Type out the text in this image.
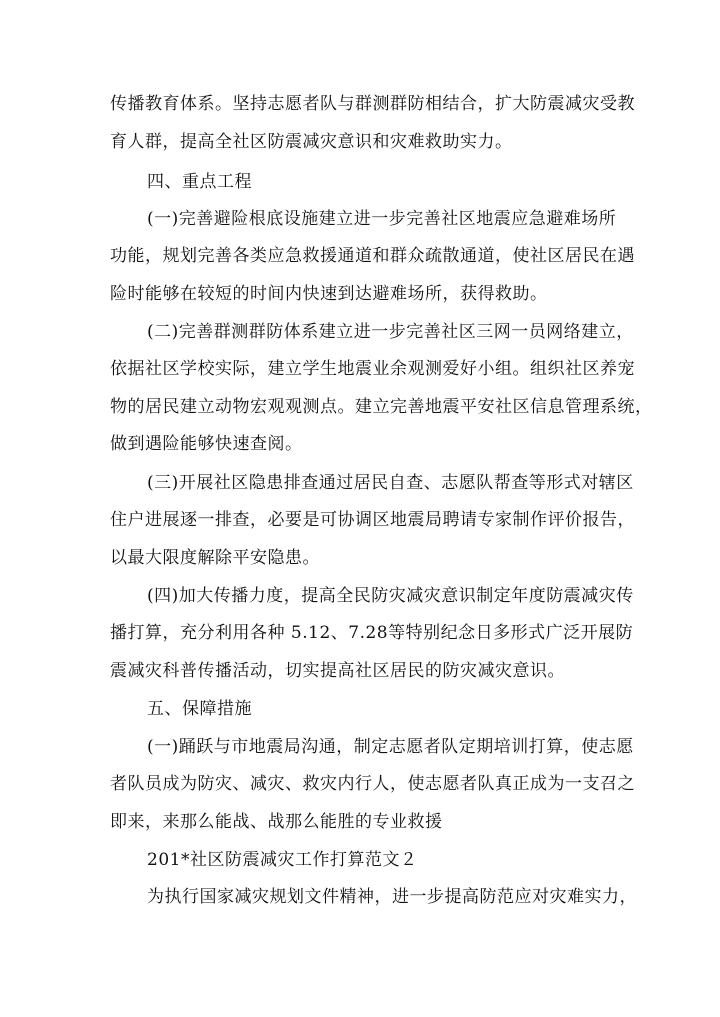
传播教育体系。坚持志愿者队与群测群防相结合，扩大防震减灾受教
育人群，提高全社区防震减灾意识和灾难救助实力。
四、重点工程
(一)完善避险根底设施建立进一步完善社区地震应急避难场所
功能，规划完善各类应急救援通道和群众疏散通道，使社区居民在遇
险时能够在较短的时间内快速到达避难场所，获得救助。
(二)完善群测群防体系建立进一步完善社区三网一员网络建立，
依据社区学校实际，建立学生地震业余观测爱好小组。组织社区养宠
物的居民建立动物宏观观测点。建立完善地震平安社区信息管理系统，
做到遇险能够快速查阅。
(三)开展社区隐患排查通过居民自查、志愿队帮查等形式对辖区
住户进展逐一排查，必要是可协调区地震局聘请专家制作评价报告，
以最大限度解除平安隐患。
(四)加大传播力度，提高全民防灾减灾意识制定年度防震减灾传
播打算，充分利用各种 5.12、7.28等特别纪念日多形式广泛开展防
震减灾科普传播活动，切实提高社区居民的防灾减灾意识。
五、保障措施
(一)踊跃与市地震局沟通，制定志愿者队定期培训打算，使志愿
者队员成为防灾、减灾、救灾内行人，使志愿者队真正成为一支召之
即来，来那么能战、战那么能胜的专业救援
201*社区防震减灾工作打算范文２
为执行国家减灾规划文件精神，进一步提高防范应对灾难实力，
